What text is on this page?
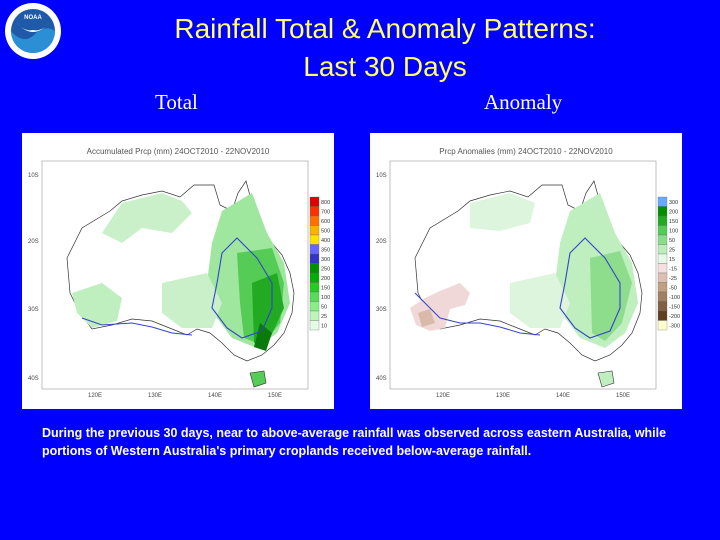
NOAA	Rainfall Total & Anomaly Patterns:
Last 30 Days
Total	Anomaly
Accumulated Prcp (mm) 24OCT2010 - 22NOV2010
10S
20S
30S
40S
120E	130E	140E	150E
800
700
600
500
400
350
300
250
200
150
100
50
25
10
Prcp Anomalies (mm) 24OCT2010 - 22NOV2010
10S
20S
30S
40S
120E	130E	140E	150E
300
200
150
100
50
25
15
-15
-25
-50
-100
-150
-200
-300
During the previous 30 days, near to above-average rainfall was observed across eastern Australia, while portions of Western Australia's primary croplands received below-average rainfall.
